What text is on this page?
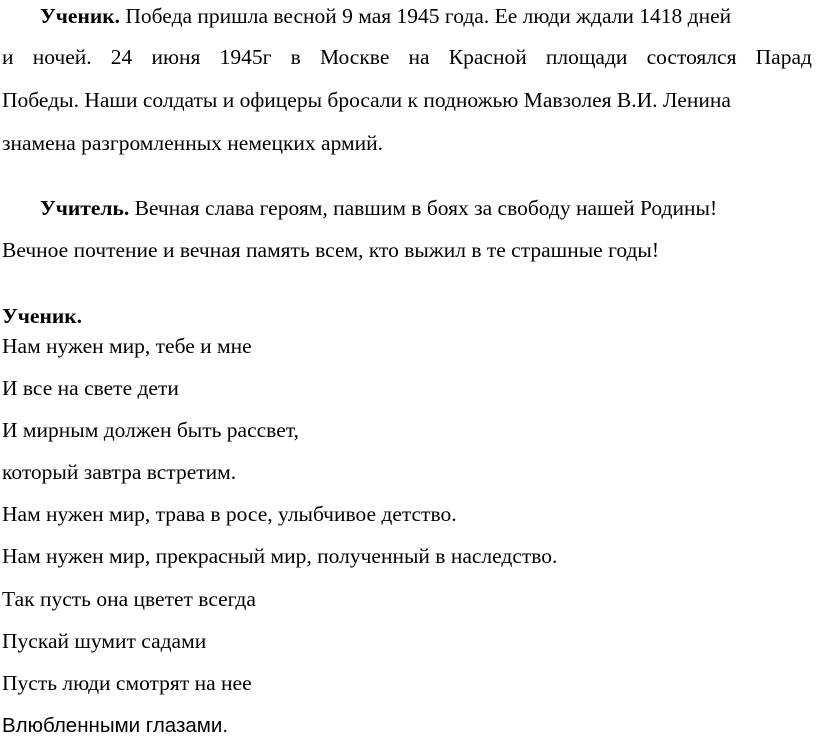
Ученик. Победа пришла весной 9 мая 1945 года. Ее люди ждали 1418 дней
и ночей. 24 июня 1945г в Москве на Красной площади состоялся Парад
Победы. Наши солдаты и офицеры бросали к подножью Мавзолея В.И. Ленина
знамена разгромленных немецких армий.
Учитель. Вечная слава героям, павшим в боях за свободу нашей Родины!
Вечное почтение и вечная память всем, кто выжил в те страшные годы!
Ученик.
Нам нужен мир, тебе и мне
И все на свете дети
И мирным должен быть рассвет,
который завтра встретим.
Нам нужен мир, трава в росе, улыбчивое детство.
Нам нужен мир, прекрасный мир, полученный в наследство.
Так пусть она цветет всегда
Пускай шумит садами
Пусть люди смотрят на нее
Влюбленными глазами.
